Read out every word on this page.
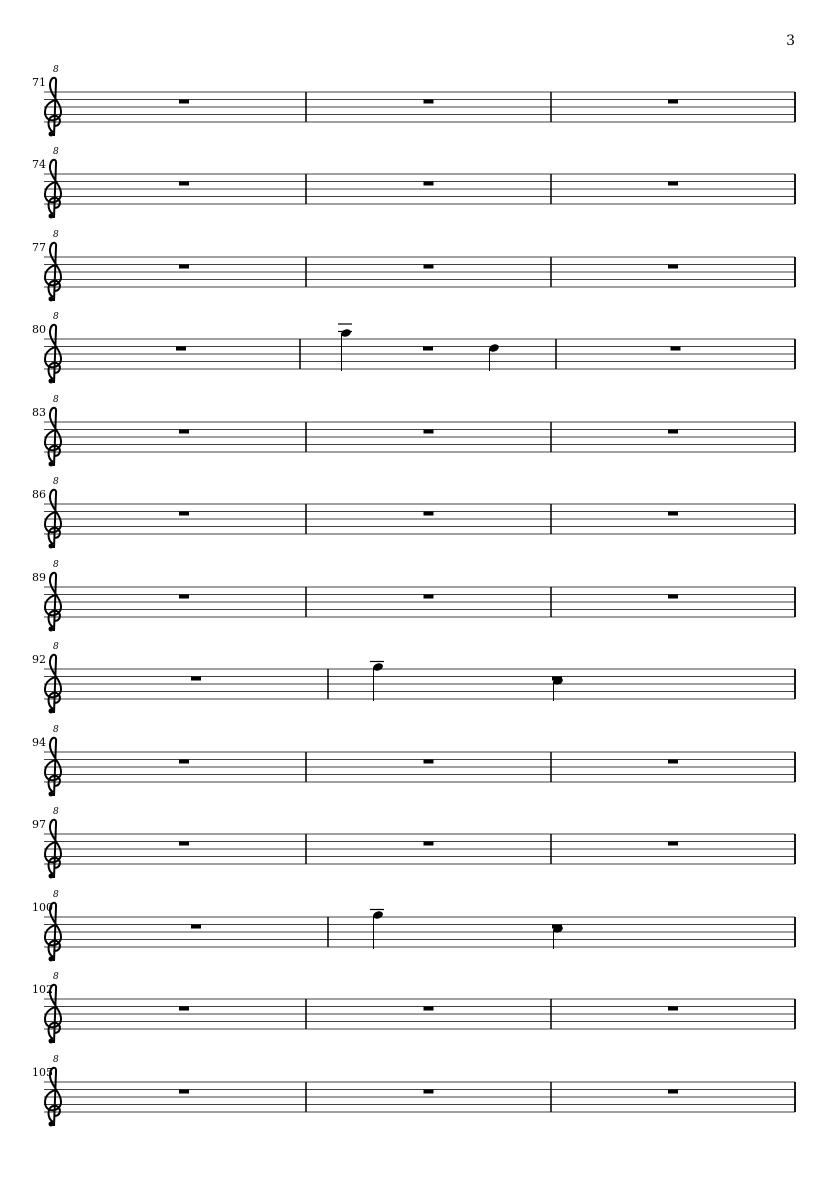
3
71
8
74
8
77
8
80
8
83
8
86
8
89
8
92
8
94
8
97
8
100
8
102
8
105
8
